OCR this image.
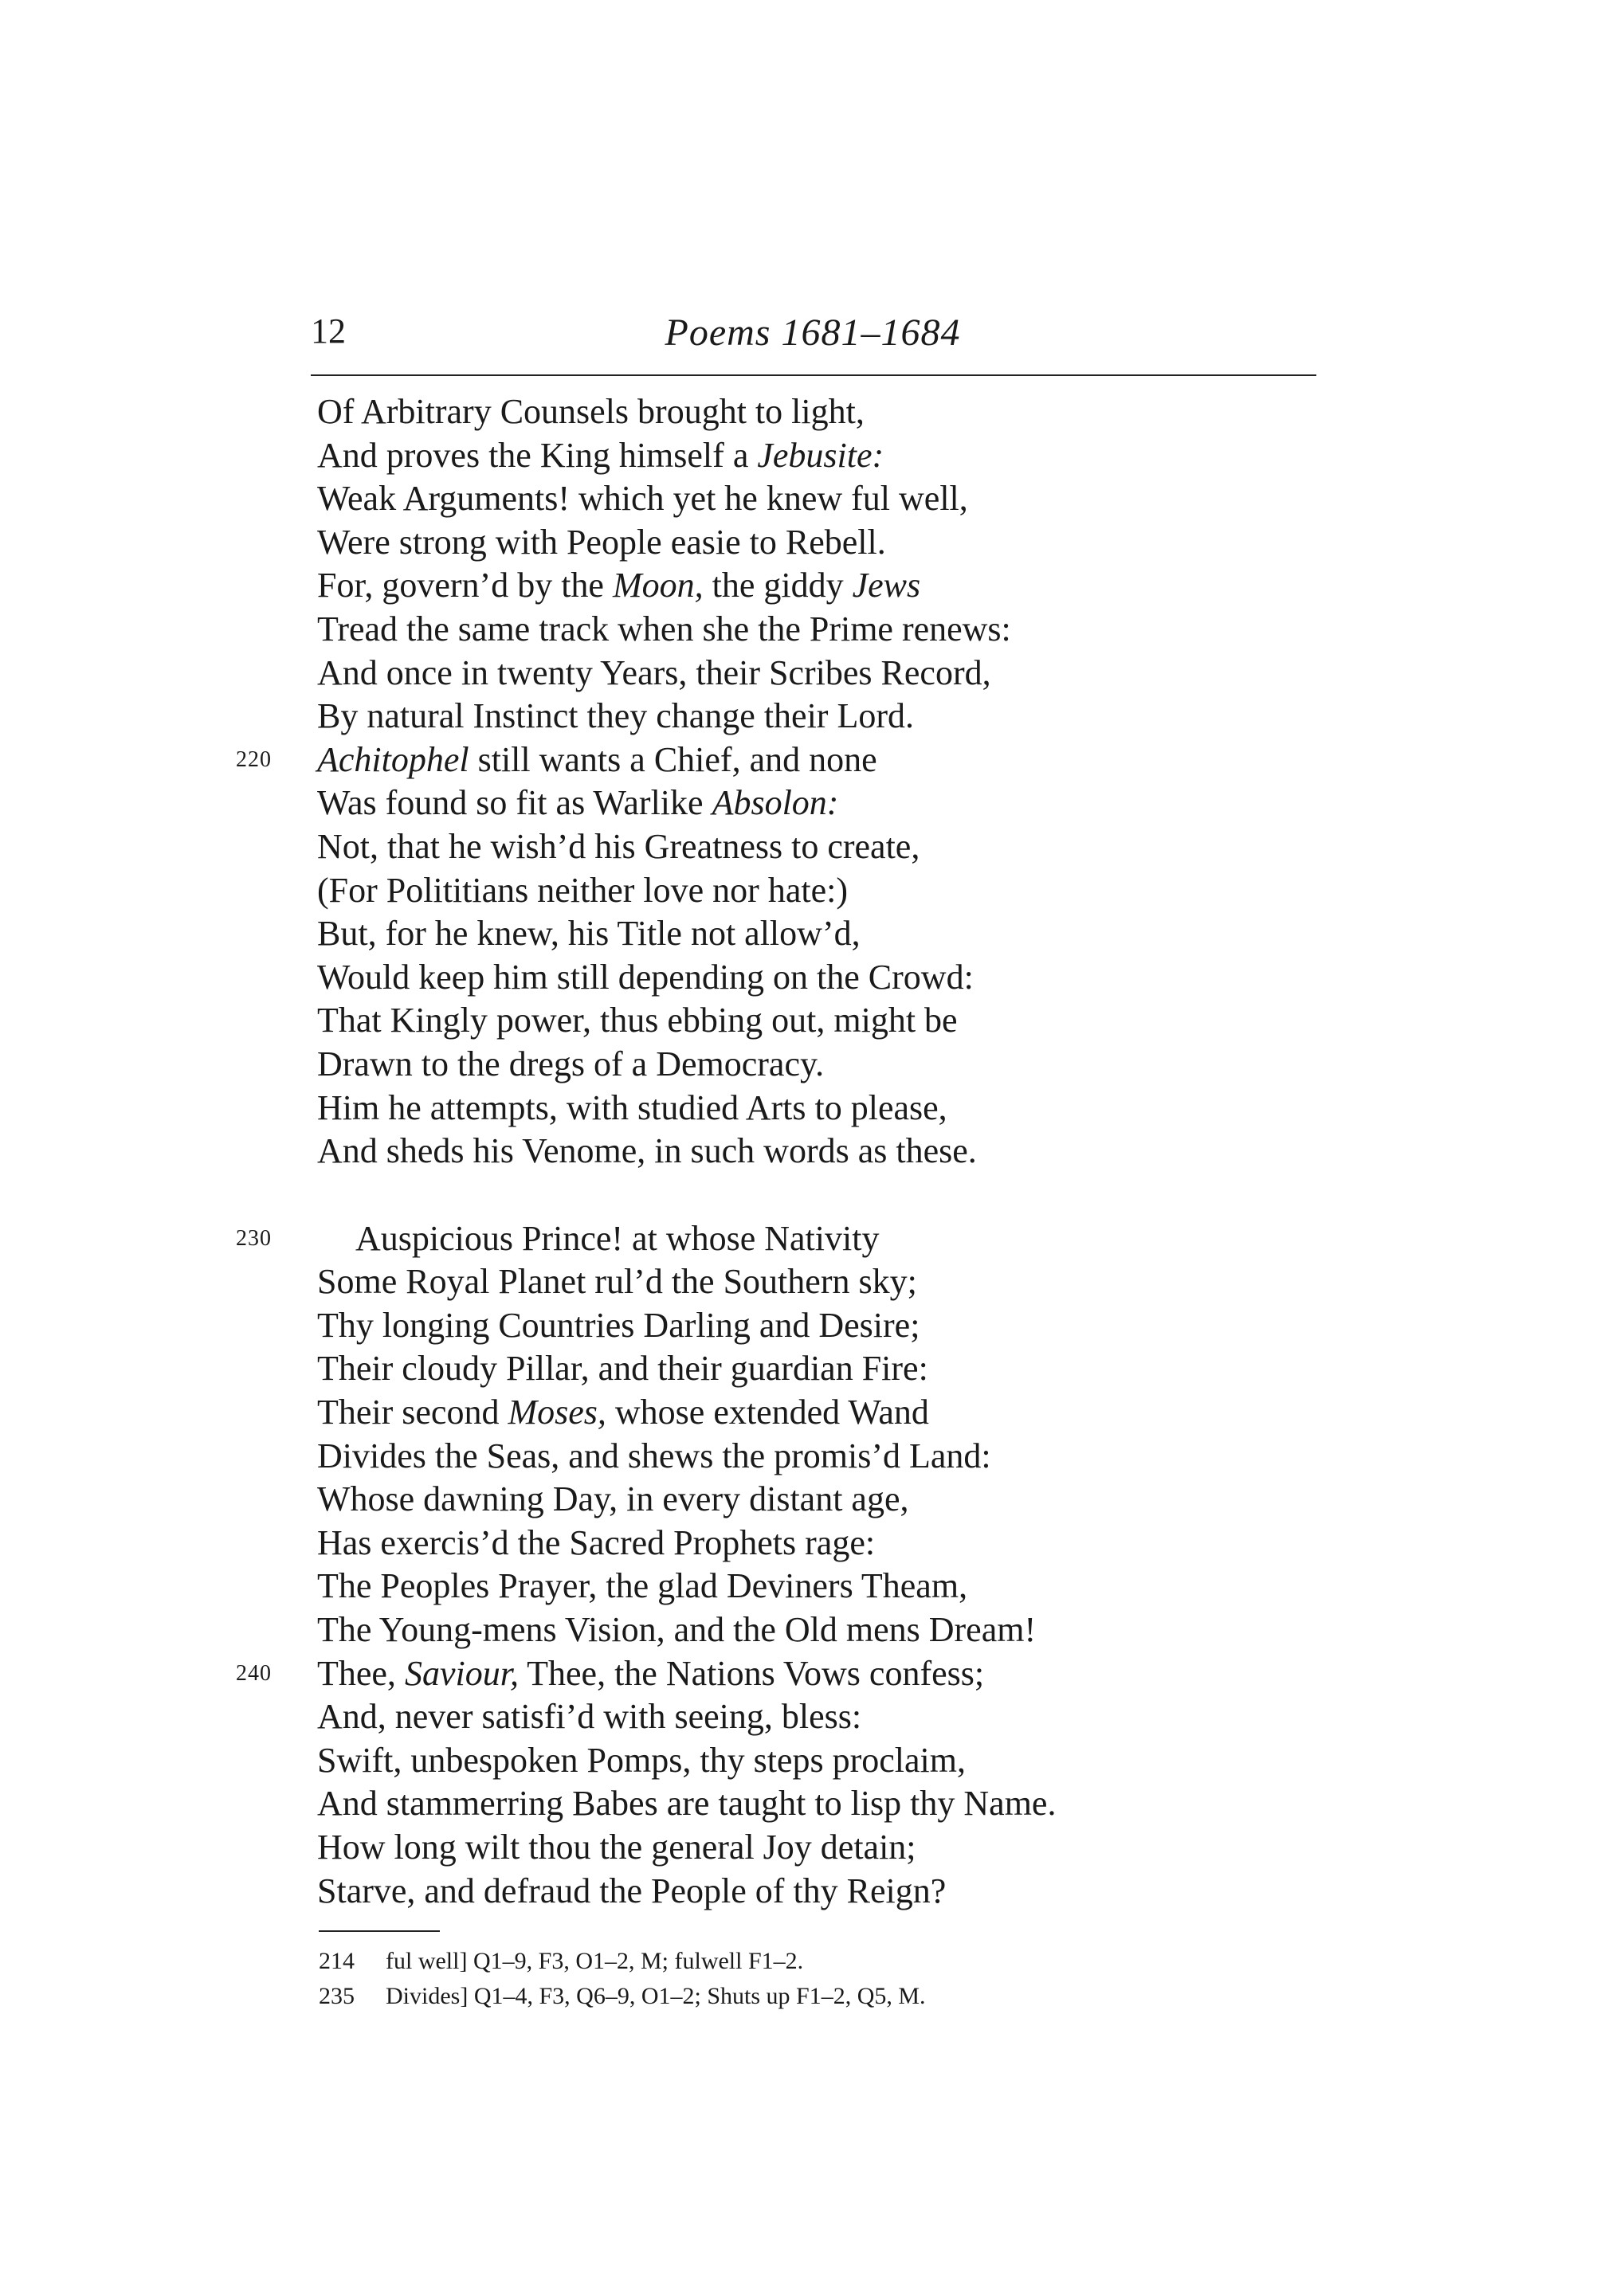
12	Poems 1681–1684
Of Arbitrary Counsels brought to light,
And proves the King himself a Jebusite:
Weak Arguments! which yet he knew ful well,
Were strong with People easie to Rebell.
For, govern’d by the Moon, the giddy Jews
Tread the same track when she the Prime renews:
And once in twenty Years, their Scribes Record,
By natural Instinct they change their Lord.
220 Achitophel still wants a Chief, and none
Was found so fit as Warlike Absolon:
Not, that he wish’d his Greatness to create,
(For Polititians neither love nor hate:)
But, for he knew, his Title not allow’d,
Would keep him still depending on the Crowd:
That Kingly power, thus ebbing out, might be
Drawn to the dregs of a Democracy.
Him he attempts, with studied Arts to please,
And sheds his Venome, in such words as these.
230 Auspicious Prince! at whose Nativity
Some Royal Planet rul’d the Southern sky;
Thy longing Countries Darling and Desire;
Their cloudy Pillar, and their guardian Fire:
Their second Moses, whose extended Wand
Divides the Seas, and shews the promis’d Land:
Whose dawning Day, in every distant age,
Has exercis’d the Sacred Prophets rage:
The Peoples Prayer, the glad Deviners Theam,
The Young-mens Vision, and the Old mens Dream!
240 Thee, Saviour, Thee, the Nations Vows confess;
And, never satisfi’d with seeing, bless:
Swift, unbespoken Pomps, thy steps proclaim,
And stammerring Babes are taught to lisp thy Name.
How long wilt thou the general Joy detain;
Starve, and defraud the People of thy Reign?
214 ful well] Q1–9, F3, O1–2, M; fulwell F1–2.
235 Divides] Q1–4, F3, Q6–9, O1–2; Shuts up F1–2, Q5, M.
